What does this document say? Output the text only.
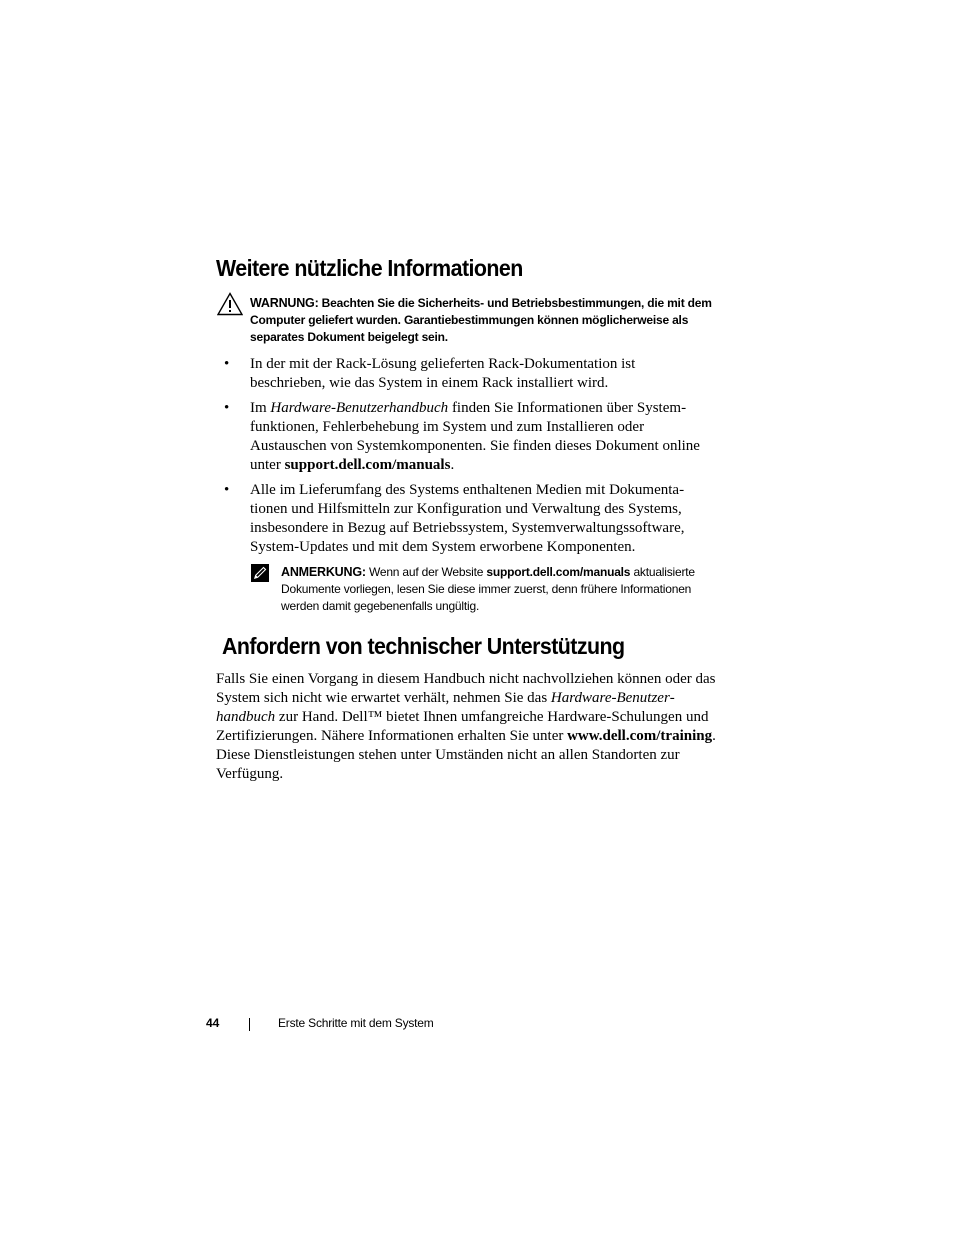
Weitere nützliche Informationen
WARNUNG: Beachten Sie die Sicherheits- und Betriebsbestimmungen, die mit dem Computer geliefert wurden. Garantiebestimmungen können möglicherweise als separates Dokument beigelegt sein.
• In der mit der Rack-Lösung gelieferten Rack-Dokumentation ist beschrieben, wie das System in einem Rack installiert wird.
• Im Hardware-Benutzerhandbuch finden Sie Informationen über Systemfunktionen, Fehlerbehebung im System und zum Installieren oder Austauschen von Systemkomponenten. Sie finden dieses Dokument online unter support.dell.com/manuals.
• Alle im Lieferumfang des Systems enthaltenen Medien mit Dokumentationen und Hilfsmitteln zur Konfiguration und Verwaltung des Systems, insbesondere in Bezug auf Betriebssystem, Systemverwaltungssoftware, System-Updates und mit dem System erworbene Komponenten.
ANMERKUNG: Wenn auf der Website support.dell.com/manuals aktualisierte Dokumente vorliegen, lesen Sie diese immer zuerst, denn frühere Informationen werden damit gegebenenfalls ungültig.
Anfordern von technischer Unterstützung

Falls Sie einen Vorgang in diesem Handbuch nicht nachvollziehen können oder das System sich nicht wie erwartet verhält, nehmen Sie das Hardware-Benutzerhandbuch zur Hand. Dell™ bietet Ihnen umfangreiche Hardware-Schulungen und Zertifizierungen. Nähere Informationen erhalten Sie unter www.dell.com/training. Diese Dienstleistungen stehen unter Umständen nicht an allen Standorten zur Verfügung.

44	Erste Schritte mit dem System
